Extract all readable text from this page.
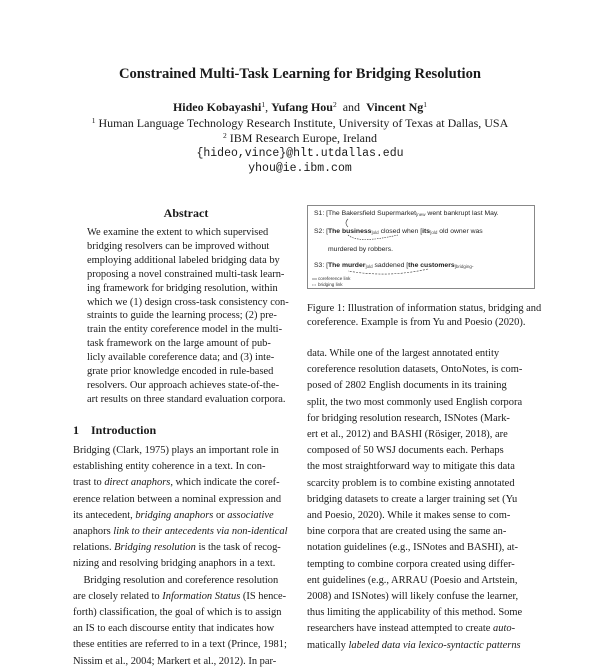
Constrained Multi-Task Learning for Bridging Resolution
Hideo Kobayashi$^1$, Yufang Hou$^2$ and Vincent Ng$^1$
$^1$ Human Language Technology Research Institute, University of Texas at Dallas, USA
$^2$ IBM Research Europe, Ireland
{hideo,vince}@hlt.utdallas.edu
yhou@ie.ibm.com
Abstract
We examine the extent to which supervised
bridging resolvers can be improved without
employing additional labeled bridging data by
proposing a novel constrained multi-task learn-
ing framework for bridging resolution, within
which we (1) design cross-task consistency con-
straints to guide the learning process; (2) pre-
train the entity coreference model in the multi-
task framework on the large amount of pub-
licly available coreference data; and (3) inte-
grate prior knowledge encoded in rule-based
resolvers. Our approach achieves state-of-the-
art results on three standard evaluation corpora.
S1: [The Bakersfield Supermarket]new went bankrupt last May.
S2: [The business]old closed when [its]old old owner was
murdered by robbers.
S3: [The murder]old saddened [the customers]bridging.
coreference link
bridging link
Figure 1: Illustration of information status, bridging and
coreference. Example is from Yu and Poesio (2020).
1 Introduction
Bridging (Clark, 1975) plays an important role in
establishing entity coherence in a text. In con-
trast to direct anaphors, which indicate the coref-
erence relation between a nominal expression and
its antecedent, bridging anaphors or associative
anaphors link to their antecedents via non-identical
relations. Bridging resolution is the task of recog-
nizing and resolving bridging anaphors in a text.
 Bridging resolution and coreference resolution
are closely related to Information Status (IS hence-
forth) classification, the goal of which is to assign
an IS to each discourse entity that indicates how
these entities are referred to in a text (Prince, 1981;
Nissim et al., 2004; Markert et al., 2012). In par-
data. While one of the largest annotated entity
coreference resolution datasets, OntoNotes, is com-
posed of 2802 English documents in its training
split, the two most commonly used English corpora
for bridging resolution research, ISNotes (Mark-
ert et al., 2012) and BASHI (Rösiger, 2018), are
composed of 50 WSJ documents each. Perhaps
the most straightforward way to mitigate this data
scarcity problem is to combine existing annotated
bridging datasets to create a larger training set (Yu
and Poesio, 2020). While it makes sense to com-
bine corpora that are created using the same an-
notation guidelines (e.g., ISNotes and BASHI), at-
tempting to combine corpora created using differ-
ent guidelines (e.g., ARRAU (Poesio and Artstein,
2008) and ISNotes) will likely confuse the learner,
thus limiting the applicability of this method. Some
researchers have instead attempted to create auto-
matically labeled data via lexico-syntactic patterns
